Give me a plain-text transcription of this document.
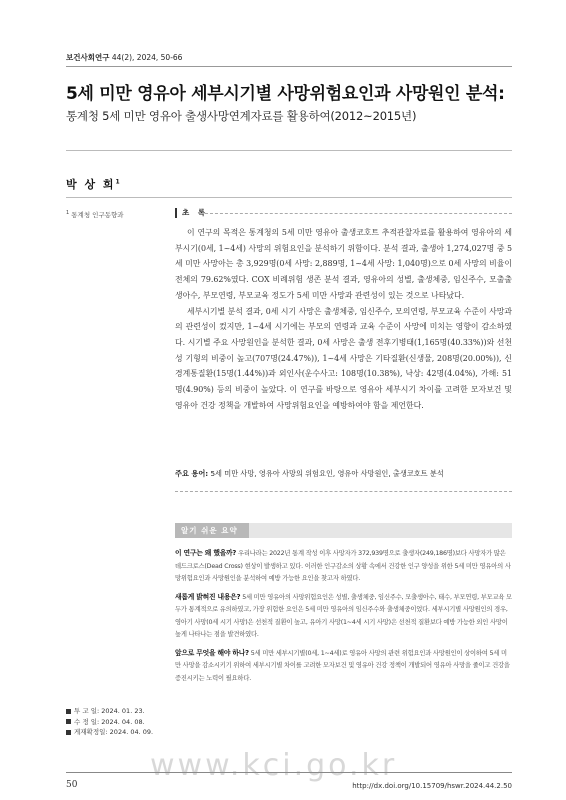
보건사회연구 44(2), 2024, 50-66
5세 미만 영유아 세부시기별 사망위험요인과 사망원인 분석:
통계청 5세 미만 영유아 출생사망연계자료를 활용하여(2012~2015년)
박 상 희$^1$
$^1$ 통계청 인구동향과	초 록

이 연구의 목적은 통계청의 5세 미만 영유아 출생코호트 추적관찰자료를 활용하여 영유아의 세부시기(0세, 1~4세) 사망의 위험요인을 분석하기 위함이다. 분석 결과, 출생아 1,274,027명 중 5세 미만 사망아는 총 3,929명(0세 사망: 2,889명, 1~4세 사망: 1,040명)으로 0세 사망의 비율이 전체의 79.62%였다. COX 비례위험 생존 분석 결과, 영유아의 성별, 출생체중, 임신주수, 모출출생아수, 부모연령, 부모교육 정도가 5세 미만 사망과 관련성이 있는 것으로 나타났다.

세부시기별 분석 결과, 0세 시기 사망은 출생체중, 임신주수, 모의연령, 부모교육 수준이 사망과의 관련성이 컸지만, 1~4세 시기에는 부모의 연령과 교육 수준이 사망에 미치는 영향이 감소하였다. 시기별 주요 사망원인을 분석한 결과, 0세 사망은 출생 전후기병태(1,165명(40.33%))와 선천성 기형의 비중이 높고(707명(24.47%)), 1~4세 사망은 기타질환(신생물, 208명(20.00%)), 신경계통질환(15명(1.44%))과 외인사(운수사고: 108명(10.38%), 낙상: 42명(4.04%), 가해: 51명(4.90%) 등의 비중이 높았다. 이 연구를 바탕으로 영유아 세부시기 차이를 고려한 모자보건 및 영유아 건강 정책을 개발하여 사망위험요인을 예방하여야 함을 제언한다.

주요 용어: 5세 미만 사망, 영유아 사망의 위험요인, 영유아 사망원인, 출생코호트 분석
알기 쉬운 요약

이 연구는 왜 했을까? 우리나라는 2022년 통계 작성 이후 사망자가 372,939명으로 출생자(249,186명)보다 사망자가 많은 데드크로스(Dead Cross) 현상이 발생하고 있다. 이러한 인구감소의 상황 속에서 건강한 인구 양성을 위한 5세 미만 영유아의 사망위험요인과 사망원인을 분석하여 예방 가능한 요인을 찾고자 하였다.

새롭게 밝혀진 내용은? 5세 미만 영유아의 사망위험요인은 성별, 출생체중, 임신주수, 모출생아수, 태수, 부모연령, 부모교육 모두가 통계적으로 유의하였고, 가장 위험한 요인은 5세 미만 영유아의 임신주수와 출생체중이었다. 세부시기별 사망원인의 경우, 영아기 사망(0세 시기 사망)은 선천적 질환이 높고, 유아기 사망(1~4세 시기 사망)은 선천적 질환보다 예방 가능한 외인 사망이 높게 나타나는 점을 발견하였다.

앞으로 무엇을 해야 하나? 5세 미만 세부시기별(0세, 1~4세)로 영유아 사망의 관련 위험요인과 사망원인이 상이하여 5세 미만 사망을 감소시키기 위하여 세부시기별 차이를 고려한 모자보건 및 영유아 건강 정책이 개발되어 영유아 사망을 줄이고 건강을 증진시키는 노력이 필요하다.

투 고 일: 2024. 01. 23.
수 정 일: 2024. 04. 08.
게재확정일: 2024. 04. 09.
www.kci.go.kr
50	http://dx.doi.org/10.15709/hswr.2024.44.2.50
